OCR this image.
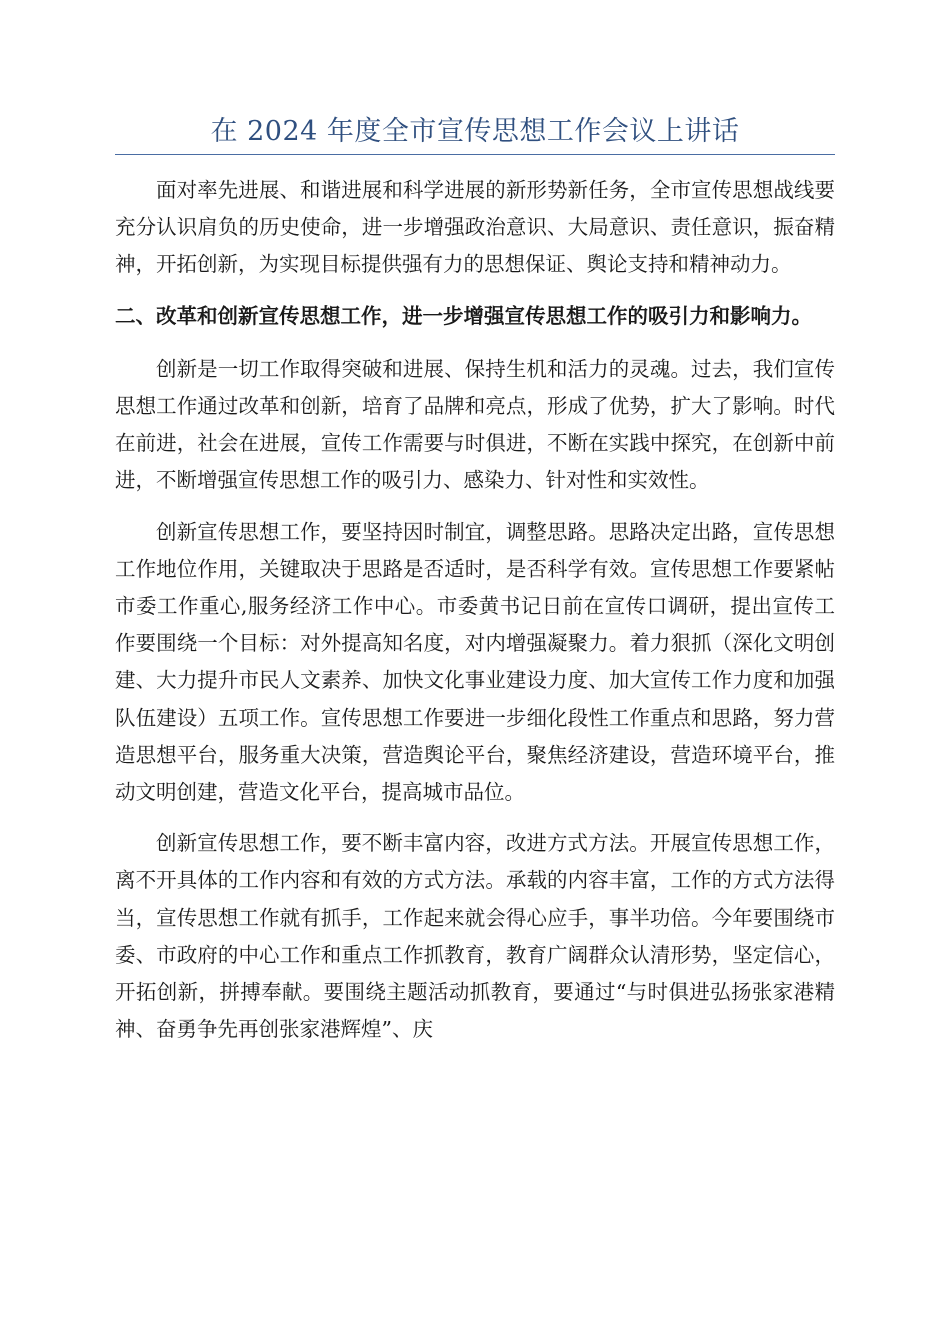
在 2024 年度全市宣传思想工作会议上讲话

面对率先进展、和谐进展和科学进展的新形势新任务，全市宣传思想战线要充分认识肩负的历史使命，进一步增强政治意识、大局意识、责任意识，振奋精神，开拓创新，为实现目标提供强有力的思想保证、舆论支持和精神动力。

二、改革和创新宣传思想工作，进一步增强宣传思想工作的吸引力和影响力。

创新是一切工作取得突破和进展、保持生机和活力的灵魂。过去，我们宣传思想工作通过改革和创新，培育了品牌和亮点，形成了优势，扩大了影响。时代在前进，社会在进展，宣传工作需要与时俱进，不断在实践中探究，在创新中前进，不断增强宣传思想工作的吸引力、感染力、针对性和实效性。

创新宣传思想工作，要坚持因时制宜，调整思路。思路决定出路，宣传思想工作地位作用，关键取决于思路是否适时，是否科学有效。宣传思想工作要紧帖市委工作重心,服务经济工作中心。市委黄书记日前在宣传口调研，提出宣传工作要围绕一个目标：对外提高知名度，对内增强凝聚力。着力狠抓（深化文明创建、大力提升市民人文素养、加快文化事业建设力度、加大宣传工作力度和加强队伍建设）五项工作。宣传思想工作要进一步细化段性工作重点和思路，努力营造思想平台，服务重大决策，营造舆论平台，聚焦经济建设，营造环境平台，推动文明创建，营造文化平台，提高城市品位。

创新宣传思想工作，要不断丰富内容，改进方式方法。开展宣传思想工作，离不开具体的工作内容和有效的方式方法。承载的内容丰富，工作的方式方法得当，宣传思想工作就有抓手，工作起来就会得心应手，事半功倍。今年要围绕市委、市政府的中心工作和重点工作抓教育，教育广阔群众认清形势，坚定信心，开拓创新，拼搏奉献。要围绕主题活动抓教育，要通过“与时俱进弘扬张家港精神、奋勇争先再创张家港辉煌”、庆
